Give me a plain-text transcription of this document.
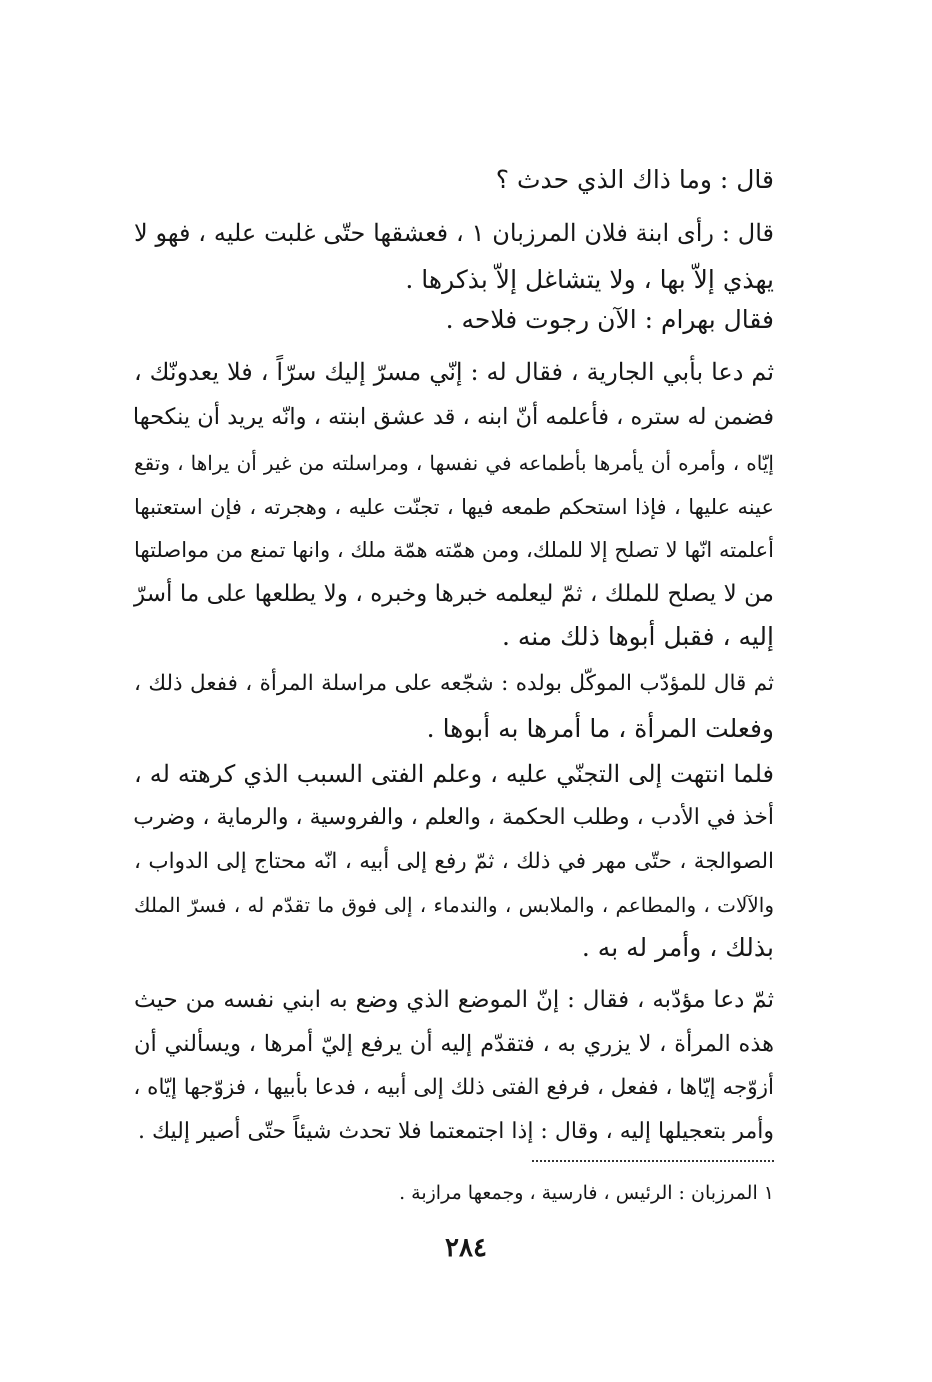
قال : وما ذاك الذي حدث ؟
قال : رأى ابنة فلان المرزبان ١ ، فعشقها حتّى غلبت عليه ، فهو لا
يهذي إلاّ بها ، ولا يتشاغل إلاّ بذكرها .
فقال بهرام : الآن رجوت فلاحه .
ثم دعا بأبي الجارية ، فقال له : إنّي مسرّ إليك سرّاً ، فلا يعدونّك ،
فضمن له ستره ، فأعلمه أنّ ابنه ، قد عشق ابنته ، وانّه يريد أن ينكحها
إيّاه ، وأمره أن يأمرها بأطماعه في نفسها ، ومراسلته من غير أن يراها ، وتقع
عينه عليها ، فإذا استحكم طمعه فيها ، تجنّت عليه ، وهجرته ، فإن استعتبها
أعلمته انّها لا تصلح إلا للملك، ومن همّته همّة ملك ، وانها تمنع من مواصلتها
من لا يصلح للملك ، ثمّ ليعلمه خبرها وخبره ، ولا يطلعها على ما أسرّ
إليه ، فقبل أبوها ذلك منه .
ثم قال للمؤدّب الموكّل بولده : شجّعه على مراسلة المرأة ، ففعل ذلك ،
وفعلت المرأة ، ما أمرها به أبوها .
فلما انتهت إلى التجنّي عليه ، وعلم الفتى السبب الذي كرهته له ،
أخذ في الأدب ، وطلب الحكمة ، والعلم ، والفروسية ، والرماية ، وضرب
الصوالجة ، حتّى مهر في ذلك ، ثمّ رفع إلى أبيه ، انّه محتاج إلى الدواب ،
والآلات ، والمطاعم ، والملابس ، والندماء ، إلى فوق ما تقدّم له ، فسرّ الملك
بذلك ، وأمر له به .
ثمّ دعا مؤدّبه ، فقال : إنّ الموضع الذي وضع به ابني نفسه من حيث
هذه المرأة ، لا يزري به ، فتقدّم إليه أن يرفع إليّ أمرها ، ويسألني أن
أزوّجه إيّاها ، ففعل ، فرفع الفتى ذلك إلى أبيه ، فدعا بأبيها ، فزوّجها إيّاه ،
وأمر بتعجيلها إليه ، وقال : إذا اجتمعتما فلا تحدث شيئاً حتّى أصير إليك .
١ المرزبان : الرئيس ، فارسية ، وجمعها مرازبة .
٢٨٤
